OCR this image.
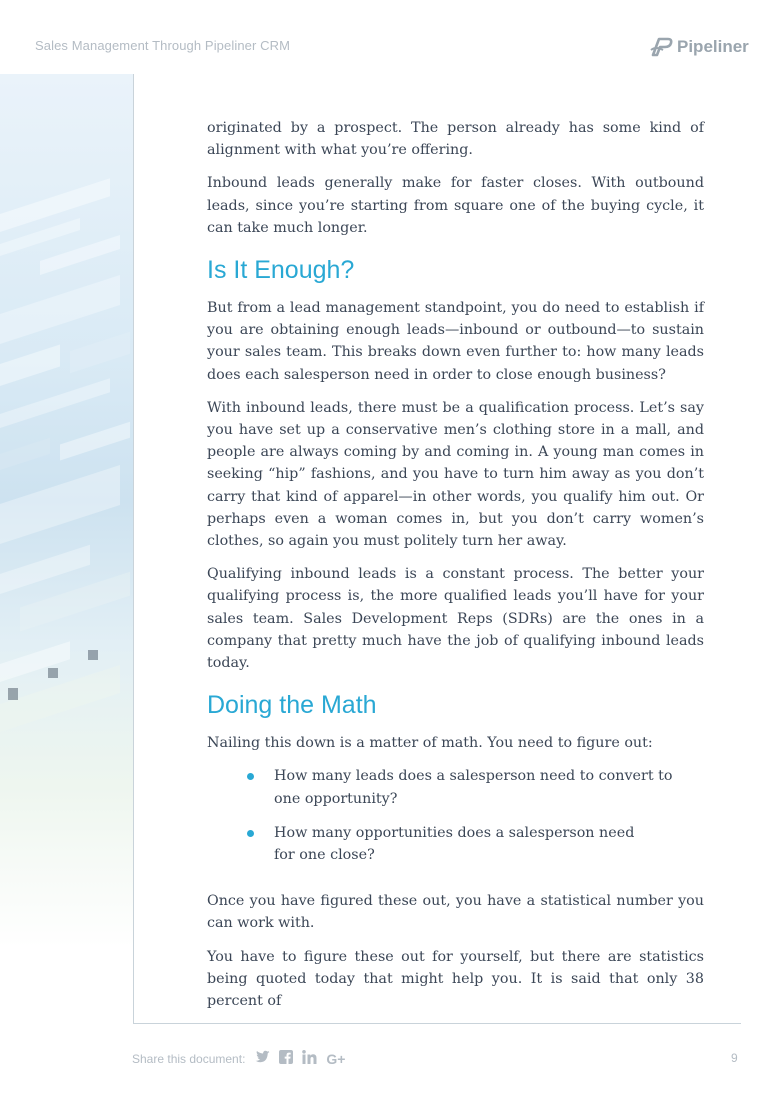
Sales Management Through Pipeliner CRM	Pipeliner

originated by a prospect. The person already has some kind of alignment with what you’re offering.

Inbound leads generally make for faster closes. With outbound leads, since you’re starting from square one of the buying cycle, it can take much longer.

Is It Enough?

But from a lead management standpoint, you do need to establish if you are obtaining enough leads—inbound or outbound—to sustain your sales team. This breaks down even further to: how many leads does each salesperson need in order to close enough business?

With inbound leads, there must be a qualification process. Let’s say you have set up a conservative men’s clothing store in a mall, and people are always coming by and coming in. A young man comes in seeking “hip” fashions, and you have to turn him away as you don’t carry that kind of apparel—in other words, you qualify him out. Or perhaps even a woman comes in, but you don’t carry women’s clothes, so again you must politely turn her away.

Qualifying inbound leads is a constant process. The better your qualifying process is, the more qualified leads you’ll have for your sales team. Sales Development Reps (SDRs) are the ones in a company that pretty much have the job of qualifying inbound leads today.

Doing the Math

Nailing this down is a matter of math. You need to figure out:

How many leads does a salesperson need to convert to
one opportunity?
How many opportunities does a salesperson need
for one close?

Once you have figured these out, you have a statistical number you can work with.

You have to figure these out for yourself, but there are statistics being quoted today that might help you. It is said that only 38 percent of

Share this document:	G+	9
